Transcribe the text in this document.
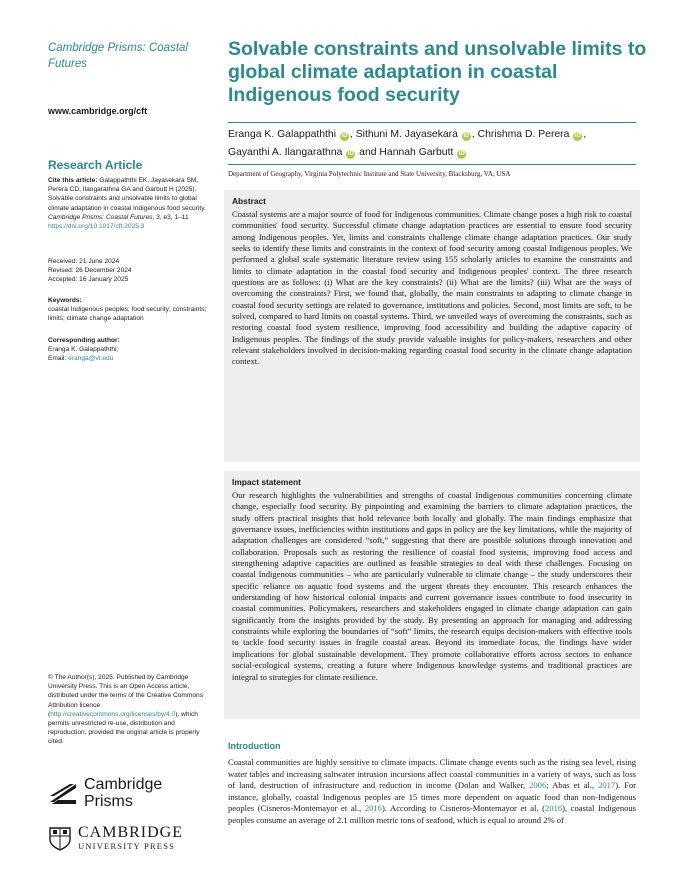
Cambridge Prisms: Coastal Futures
www.cambridge.org/cft
Research Article
Cite this article: Galappaththi EK, Jayasekara SM, Perera CD, Ilangarathna GA and Garbutt H (2025). Solvable constraints and unsolvable limits to global climate adaptation in coastal Indigenous food security. Cambridge Prisms: Coastal Futures, 3, e3, 1–11 https://doi.org/10.1017/cft.2025.3
Received: 21 June 2024
Revised: 26 December 2024
Accepted: 16 January 2025
Keywords:
coastal Indigenous peoples; food security; constraints; limits; climate change adaptation
Corresponding author:
Eranga K. Galappaththi;
Email: eranga@vt.edu
© The Author(s), 2025. Published by Cambridge University Press. This is an Open Access article, distributed under the terms of the Creative Commons Attribution licence (http://creativecommons.org/licenses/by/4.0), which permits unrestricted re-use, distribution and reproduction, provided the original article is properly cited.
Cambridge
Prisms
CAMBRIDGE
UNIVERSITY PRESS
Solvable constraints and unsolvable limits to global climate adaptation in coastal Indigenous food security
Eranga K. Galappaththi iD , Sithuni M. Jayasekara iD , Chrishma D. Perera iD ,
Gayanthi A. Ilangarathna iD and Hannah Garbutt iD
Department of Geography, Virginia Polytechnic Institute and State University, Blacksburg, VA, USA
Abstract

Coastal systems are a major source of food for Indigenous communities. Climate change poses a high risk to coastal communities' food security. Successful climate change adaptation practices are essential to ensure food security among Indigenous peoples. Yet, limits and constraints challenge climate change adaptation practices. Our study seeks to identify these limits and constraints in the context of food security among coastal Indigenous peoples. We performed a global scale systematic literature review using 155 scholarly articles to examine the constraints and limits to climate adaptation in the coastal food security and Indigenous peoples' context. The three research questions are as follows: (i) What are the key constraints? (ii) What are the limits? (iii) What are the ways of overcoming the constraints? First, we found that, globally, the main constraints to adapting to climate change in coastal food security settings are related to governance, institutions and policies. Second, most limits are soft, to be solved, compared to hard limits on coastal systems. Third, we unveiled ways of overcoming the constraints, such as restoring coastal food system resilience, improving food accessibility and building the adaptive capacity of Indigenous peoples. The findings of the study provide valuable insights for policy-makers, researchers and other relevant stakeholders involved in decision-making regarding coastal food security in the climate change adaptation context.

Impact statement

Our research highlights the vulnerabilities and strengths of coastal Indigenous communities concerning climate change, especially food security. By pinpointing and examining the barriers to climate adaptation practices, the study offers practical insights that hold relevance both locally and globally. The main findings emphasize that governance issues, inefficiencies within institutions and gaps in policy are the key limitations, while the majority of adaptation challenges are considered “soft,” suggesting that there are possible solutions through innovation and collaboration. Proposals such as restoring the resilience of coastal food systems, improving food access and strengthening adaptive capacities are outlined as feasible strategies to deal with these challenges. Focusing on coastal Indigenous communities – who are particularly vulnerable to climate change – the study underscores their specific reliance on aquatic food systems and the urgent threats they encounter. This research enhances the understanding of how historical colonial impacts and current governance issues contribute to food insecurity in coastal communities. Policymakers, researchers and stakeholders engaged in climate change adaptation can gain significantly from the insights provided by the study. By presenting an approach for managing and addressing constraints while exploring the boundaries of “soft” limits, the research equips decision-makers with effective tools to tackle food security issues in fragile coastal areas. Beyond its immediate focus, the findings have wider implications for global sustainable development. They promote collaborative efforts across sectors to enhance social-ecological systems, creating a future where Indigenous knowledge systems and traditional practices are integral to strategies for climate resilience.

Introduction

Coastal communities are highly sensitive to climate impacts. Climate change events such as the rising sea level, rising water tables and increasing saltwater intrusion incursions affect coastal communities in a variety of ways, such as loss of land, destruction of infrastructure and reduction in income (Dolan and Walker, 2006; Abas et al., 2017). For instance, globally, coastal Indigenous peoples are 15 times more dependent on aquatic food than non-Indigenous peoples (Cisneros-Montemayor et al., 2016). According to Cisneros-Montemayor et al. (2016), coastal Indigenous peoples consume an average of 2.1 million metric tons of seafood, which is equal to around 2% of
